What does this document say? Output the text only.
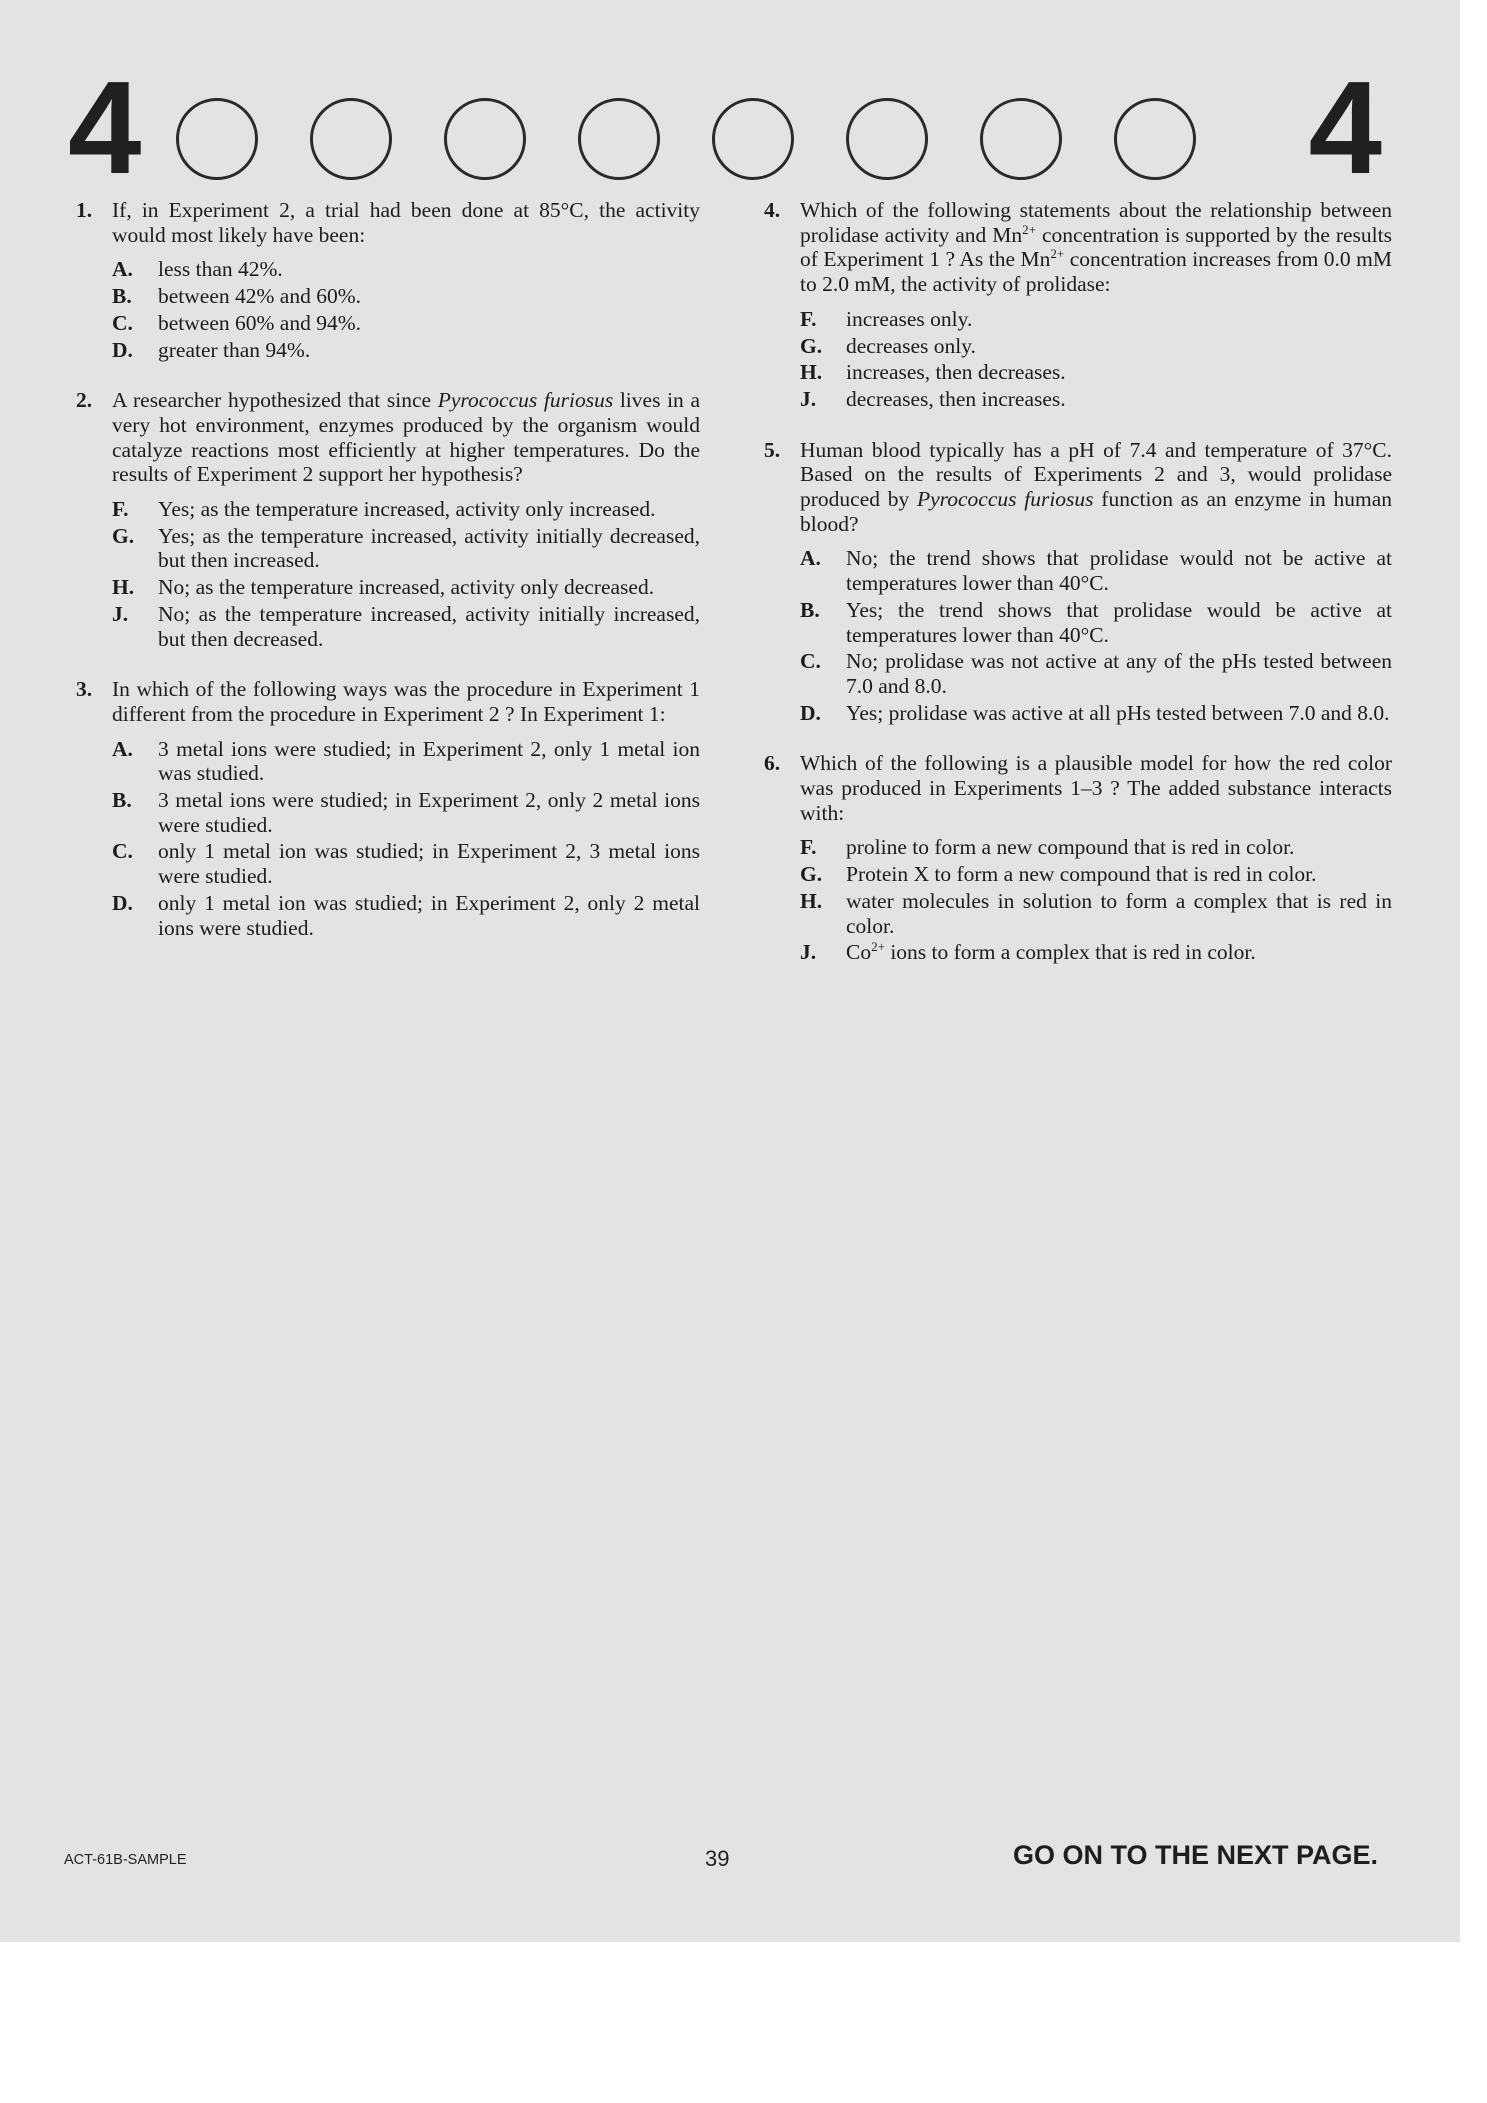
4	4
1. If, in Experiment 2, a trial had been done at 85°C, the activity would most likely have been:
A. less than 42%.
B. between 42% and 60%.
C. between 60% and 94%.
D. greater than 94%.
2. A researcher hypothesized that since Pyrococcus furiosus lives in a very hot environment, enzymes produced by the organism would catalyze reactions most efficiently at higher temperatures. Do the results of Experiment 2 support her hypothesis?
F. Yes; as the temperature increased, activity only increased.
G. Yes; as the temperature increased, activity initially decreased, but then increased.
H. No; as the temperature increased, activity only decreased.
J. No; as the temperature increased, activity initially increased, but then decreased.
3. In which of the following ways was the procedure in Experiment 1 different from the procedure in Experiment 2 ? In Experiment 1:
A. 3 metal ions were studied; in Experiment 2, only 1 metal ion was studied.
B. 3 metal ions were studied; in Experiment 2, only 2 metal ions were studied.
C. only 1 metal ion was studied; in Experiment 2, 3 metal ions were studied.
D. only 1 metal ion was studied; in Experiment 2, only 2 metal ions were studied.
4. Which of the following statements about the relationship between prolidase activity and $Mn^{2+}$ concentration is supported by the results of Experiment 1 ? As the $Mn^{2+}$ concentration increases from 0.0 mM to 2.0 mM, the activity of prolidase:
F. increases only.
G. decreases only.
H. increases, then decreases.
J. decreases, then increases.
5. Human blood typically has a pH of 7.4 and temperature of 37°C. Based on the results of Experiments 2 and 3, would prolidase produced by Pyrococcus furiosus function as an enzyme in human blood?
A. No; the trend shows that prolidase would not be active at temperatures lower than 40°C.
B. Yes; the trend shows that prolidase would be active at temperatures lower than 40°C.
C. No; prolidase was not active at any of the pHs tested between 7.0 and 8.0.
D. Yes; prolidase was active at all pHs tested between 7.0 and 8.0.
6. Which of the following is a plausible model for how the red color was produced in Experiments 1–3 ? The added substance interacts with:
F. proline to form a new compound that is red in color.
G. Protein X to form a new compound that is red in color.
H. water molecules in solution to form a complex that is red in color.
J. $Co^{2+}$ ions to form a complex that is red in color.
ACT-61B-SAMPLE	39	GO ON TO THE NEXT PAGE.
